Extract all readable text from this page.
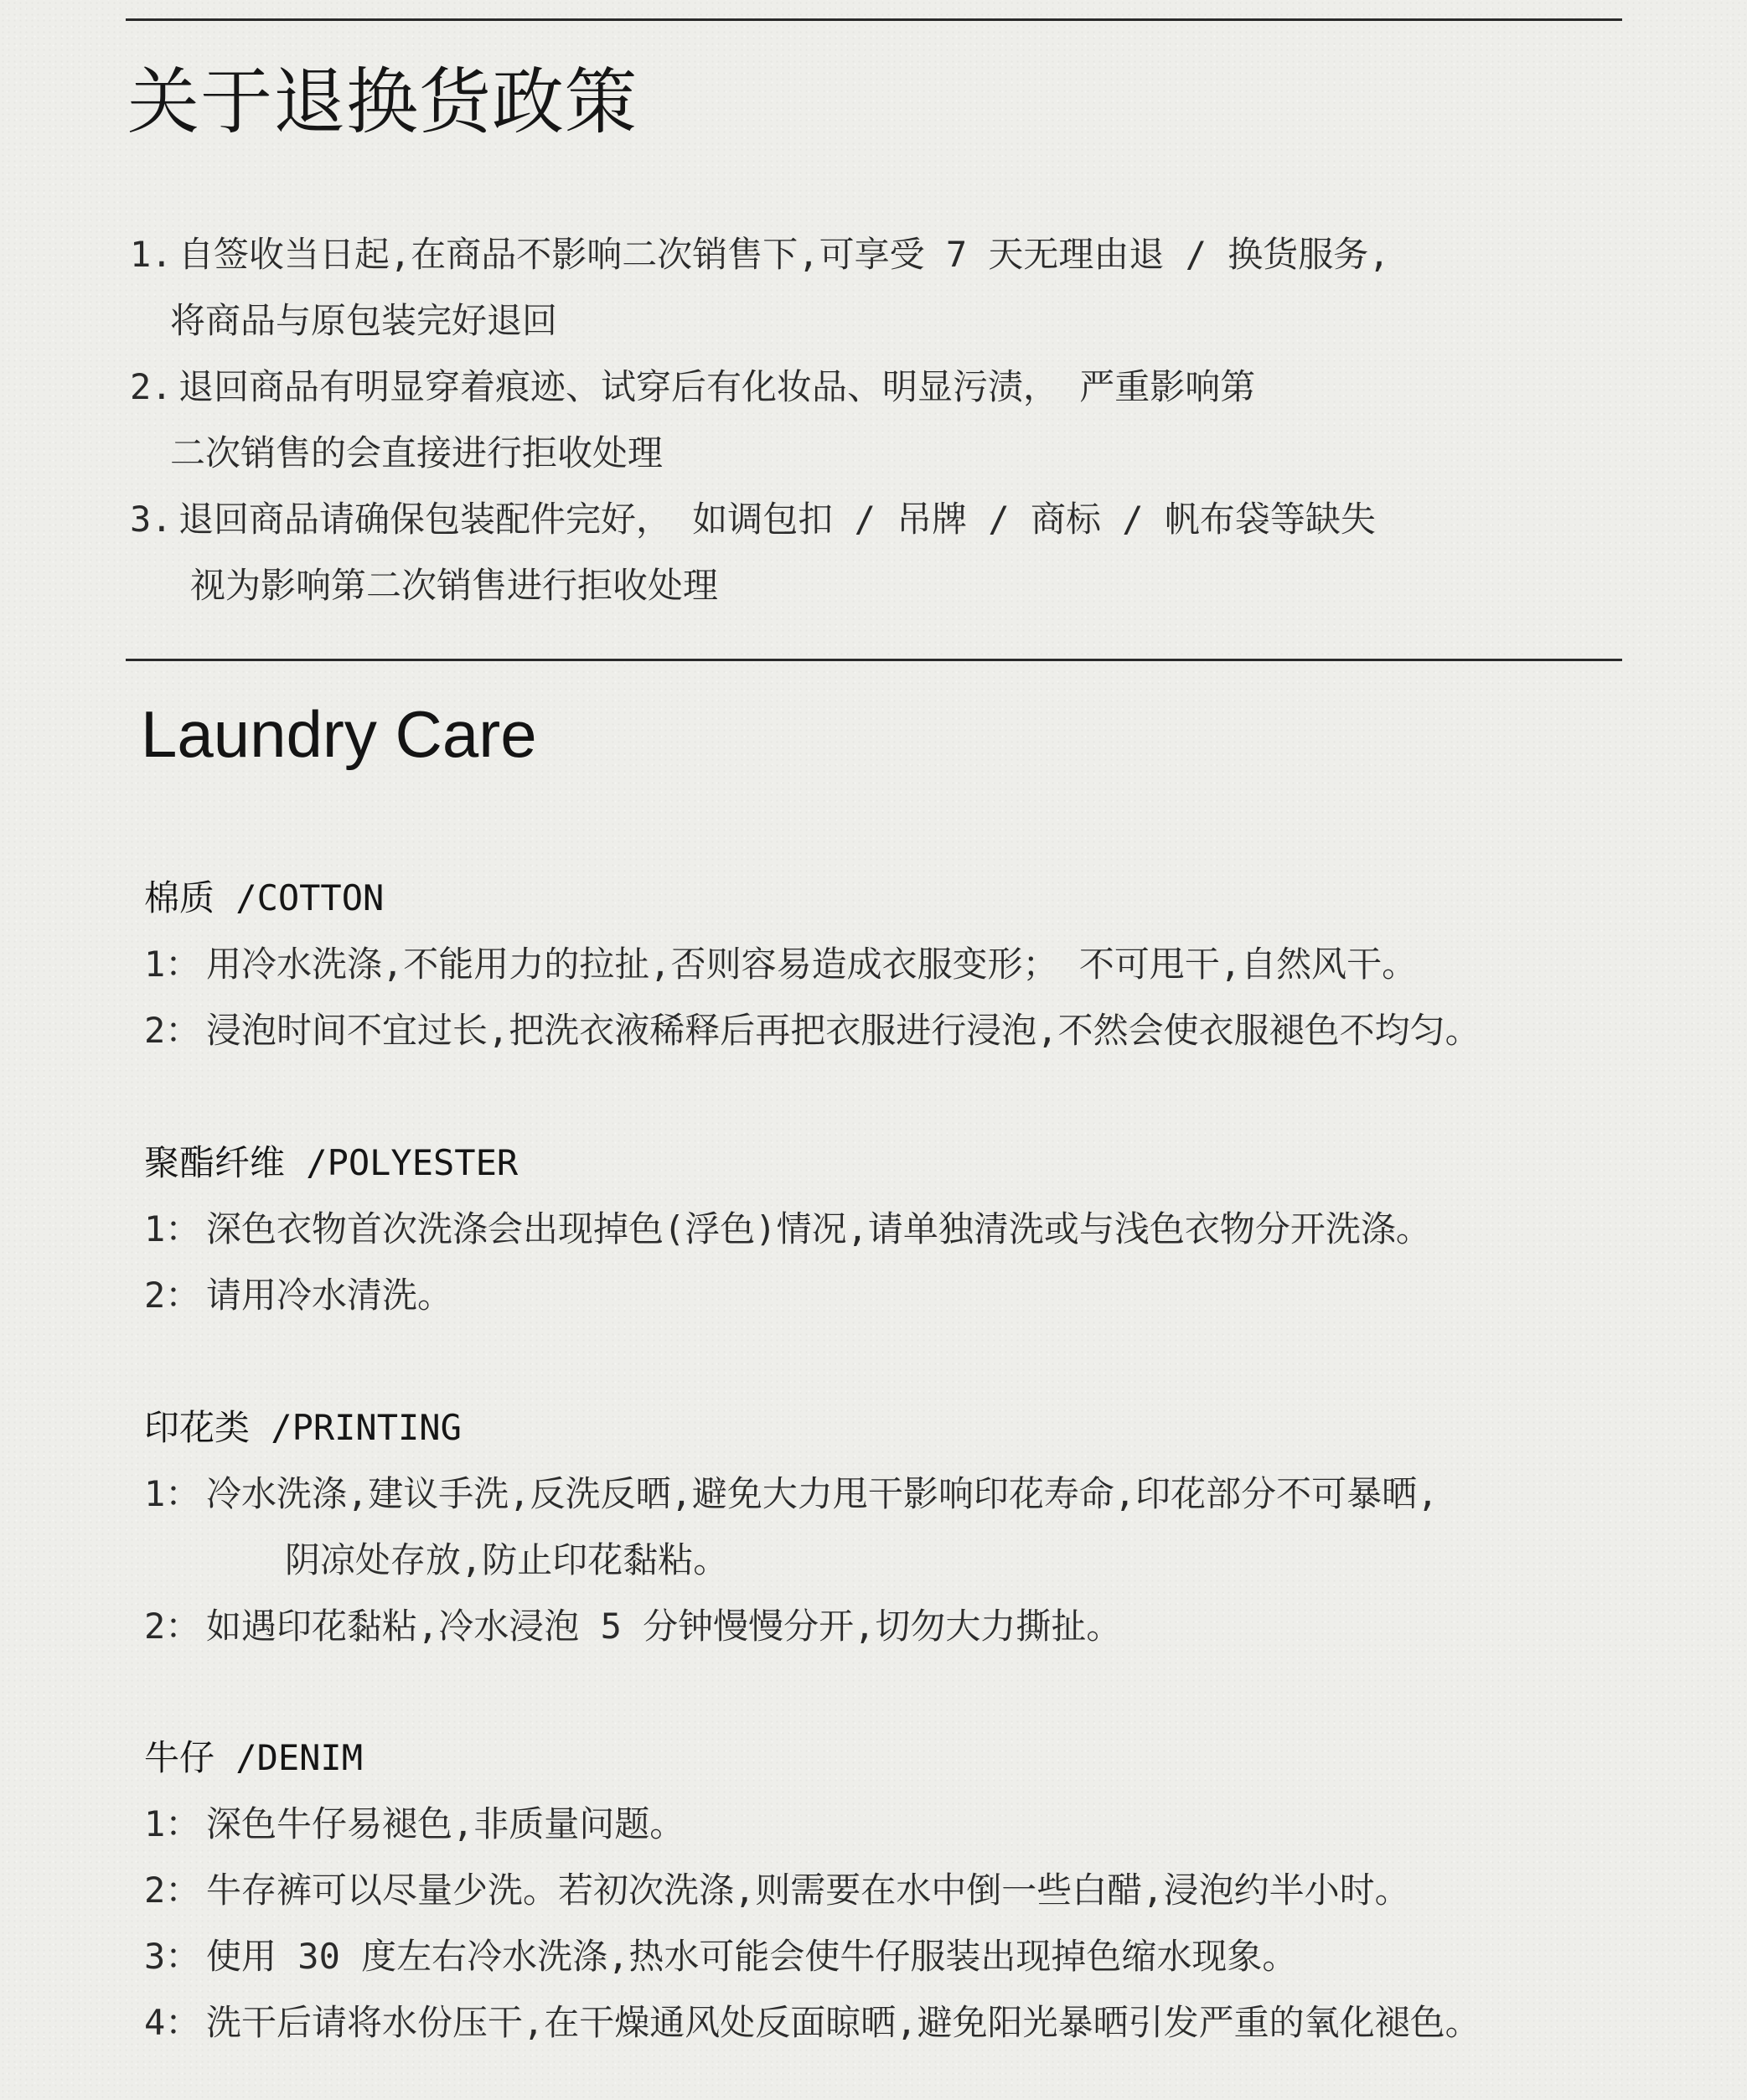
关于退换货政策
1. 自签收当日起,在商品不影响二次销售下,可享受 7 天无理由退 / 换货服务,
将商品与原包装完好退回
2. 退回商品有明显穿着痕迹、试穿后有化妆品、明显污渍， 严重影响第
二次销售的会直接进行拒收处理
3. 退回商品请确保包装配件完好， 如调包扣 / 吊牌 / 商标 / 帆布袋等缺失
视为影响第二次销售进行拒收处理
Laundry Care
棉质 /COTTON
1： 用冷水洗涤,不能用力的拉扯,否则容易造成衣服变形； 不可甩干,自然风干。
2： 浸泡时间不宜过长,把洗衣液稀释后再把衣服进行浸泡,不然会使衣服褪色不均匀。
聚酯纤维 /POLYESTER
1： 深色衣物首次洗涤会出现掉色(浮色)情况,请单独清洗或与浅色衣物分开洗涤。
2： 请用冷水清洗。
印花类 /PRINTING
1： 冷水洗涤,建议手洗,反洗反晒,避免大力甩干影响印花寿命,印花部分不可暴晒,
阴凉处存放,防止印花黏粘。
2： 如遇印花黏粘,冷水浸泡 5 分钟慢慢分开,切勿大力撕扯。
牛仔 /DENIM
1： 深色牛仔易褪色,非质量问题。
2： 牛存裤可以尽量少洗。若初次洗涤,则需要在水中倒一些白醋,浸泡约半小时。
3： 使用 30 度左右冷水洗涤,热水可能会使牛仔服装出现掉色缩水现象。
4： 洗干后请将水份压干,在干燥通风处反面晾晒,避免阳光暴晒引发严重的氧化褪色。
